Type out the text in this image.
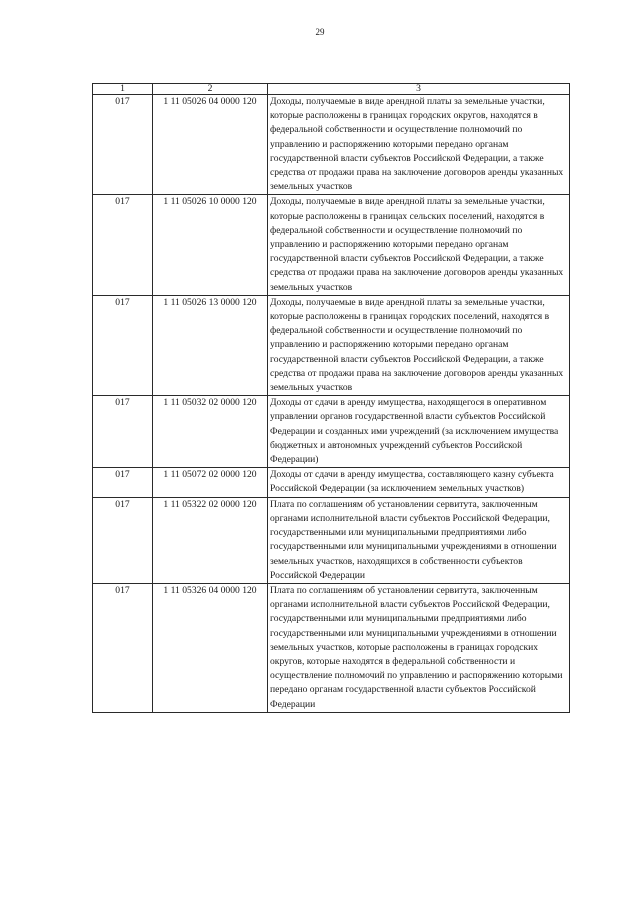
29
1	2	3
017	1 11 05026 04 0000 120	Доходы, получаемые в виде арендной платы за земельные участки, которые расположены в границах городских округов, находятся в федеральной собственности и осуществление полномочий по управлению и распоряжению которыми передано органам государственной власти субъектов Российской Федерации, а также средства от продажи права на заключение договоров аренды указанных земельных участков
017	1 11 05026 10 0000 120	Доходы, получаемые в виде арендной платы за земельные участки, которые расположены в границах сельских поселений, находятся в федеральной собственности и осуществление полномочий по управлению и распоряжению которыми передано органам государственной власти субъектов Российской Федерации, а также средства от продажи права на заключение договоров аренды указанных земельных участков
017	1 11 05026 13 0000 120	Доходы, получаемые в виде арендной платы за земельные участки, которые расположены в границах городских поселений, находятся в федеральной собственности и осуществление полномочий по управлению и распоряжению которыми передано органам государственной власти субъектов Российской Федерации, а также средства от продажи права на заключение договоров аренды указанных земельных участков
017	1 11 05032 02 0000 120	Доходы от сдачи в аренду имущества, находящегося в оперативном управлении органов государственной власти субъектов Российской Федерации и созданных ими учреждений (за исключением имущества бюджетных и автономных учреждений субъектов Российской Федерации)
017	1 11 05072 02 0000 120	Доходы от сдачи в аренду имущества, составляющего казну субъекта Российской Федерации (за исключением земельных участков)
017	1 11 05322 02 0000 120	Плата по соглашениям об установлении сервитута, заключенным органами исполнительной власти субъектов Российской Федерации, государственными или муниципальными предприятиями либо государственными или муниципальными учреждениями в отношении земельных участков, находящихся в собственности субъектов Российской Федерации
017	1 11 05326 04 0000 120	Плата по соглашениям об установлении сервитута, заключенным органами исполнительной власти субъектов Российской Федерации, государственными или муниципальными предприятиями либо государственными или муниципальными учреждениями в отношении земельных участков, которые расположены в границах городских округов, которые находятся в федеральной собственности и осуществление полномочий по управлению и распоряжению которыми передано органам государственной власти субъектов Российской Федерации
